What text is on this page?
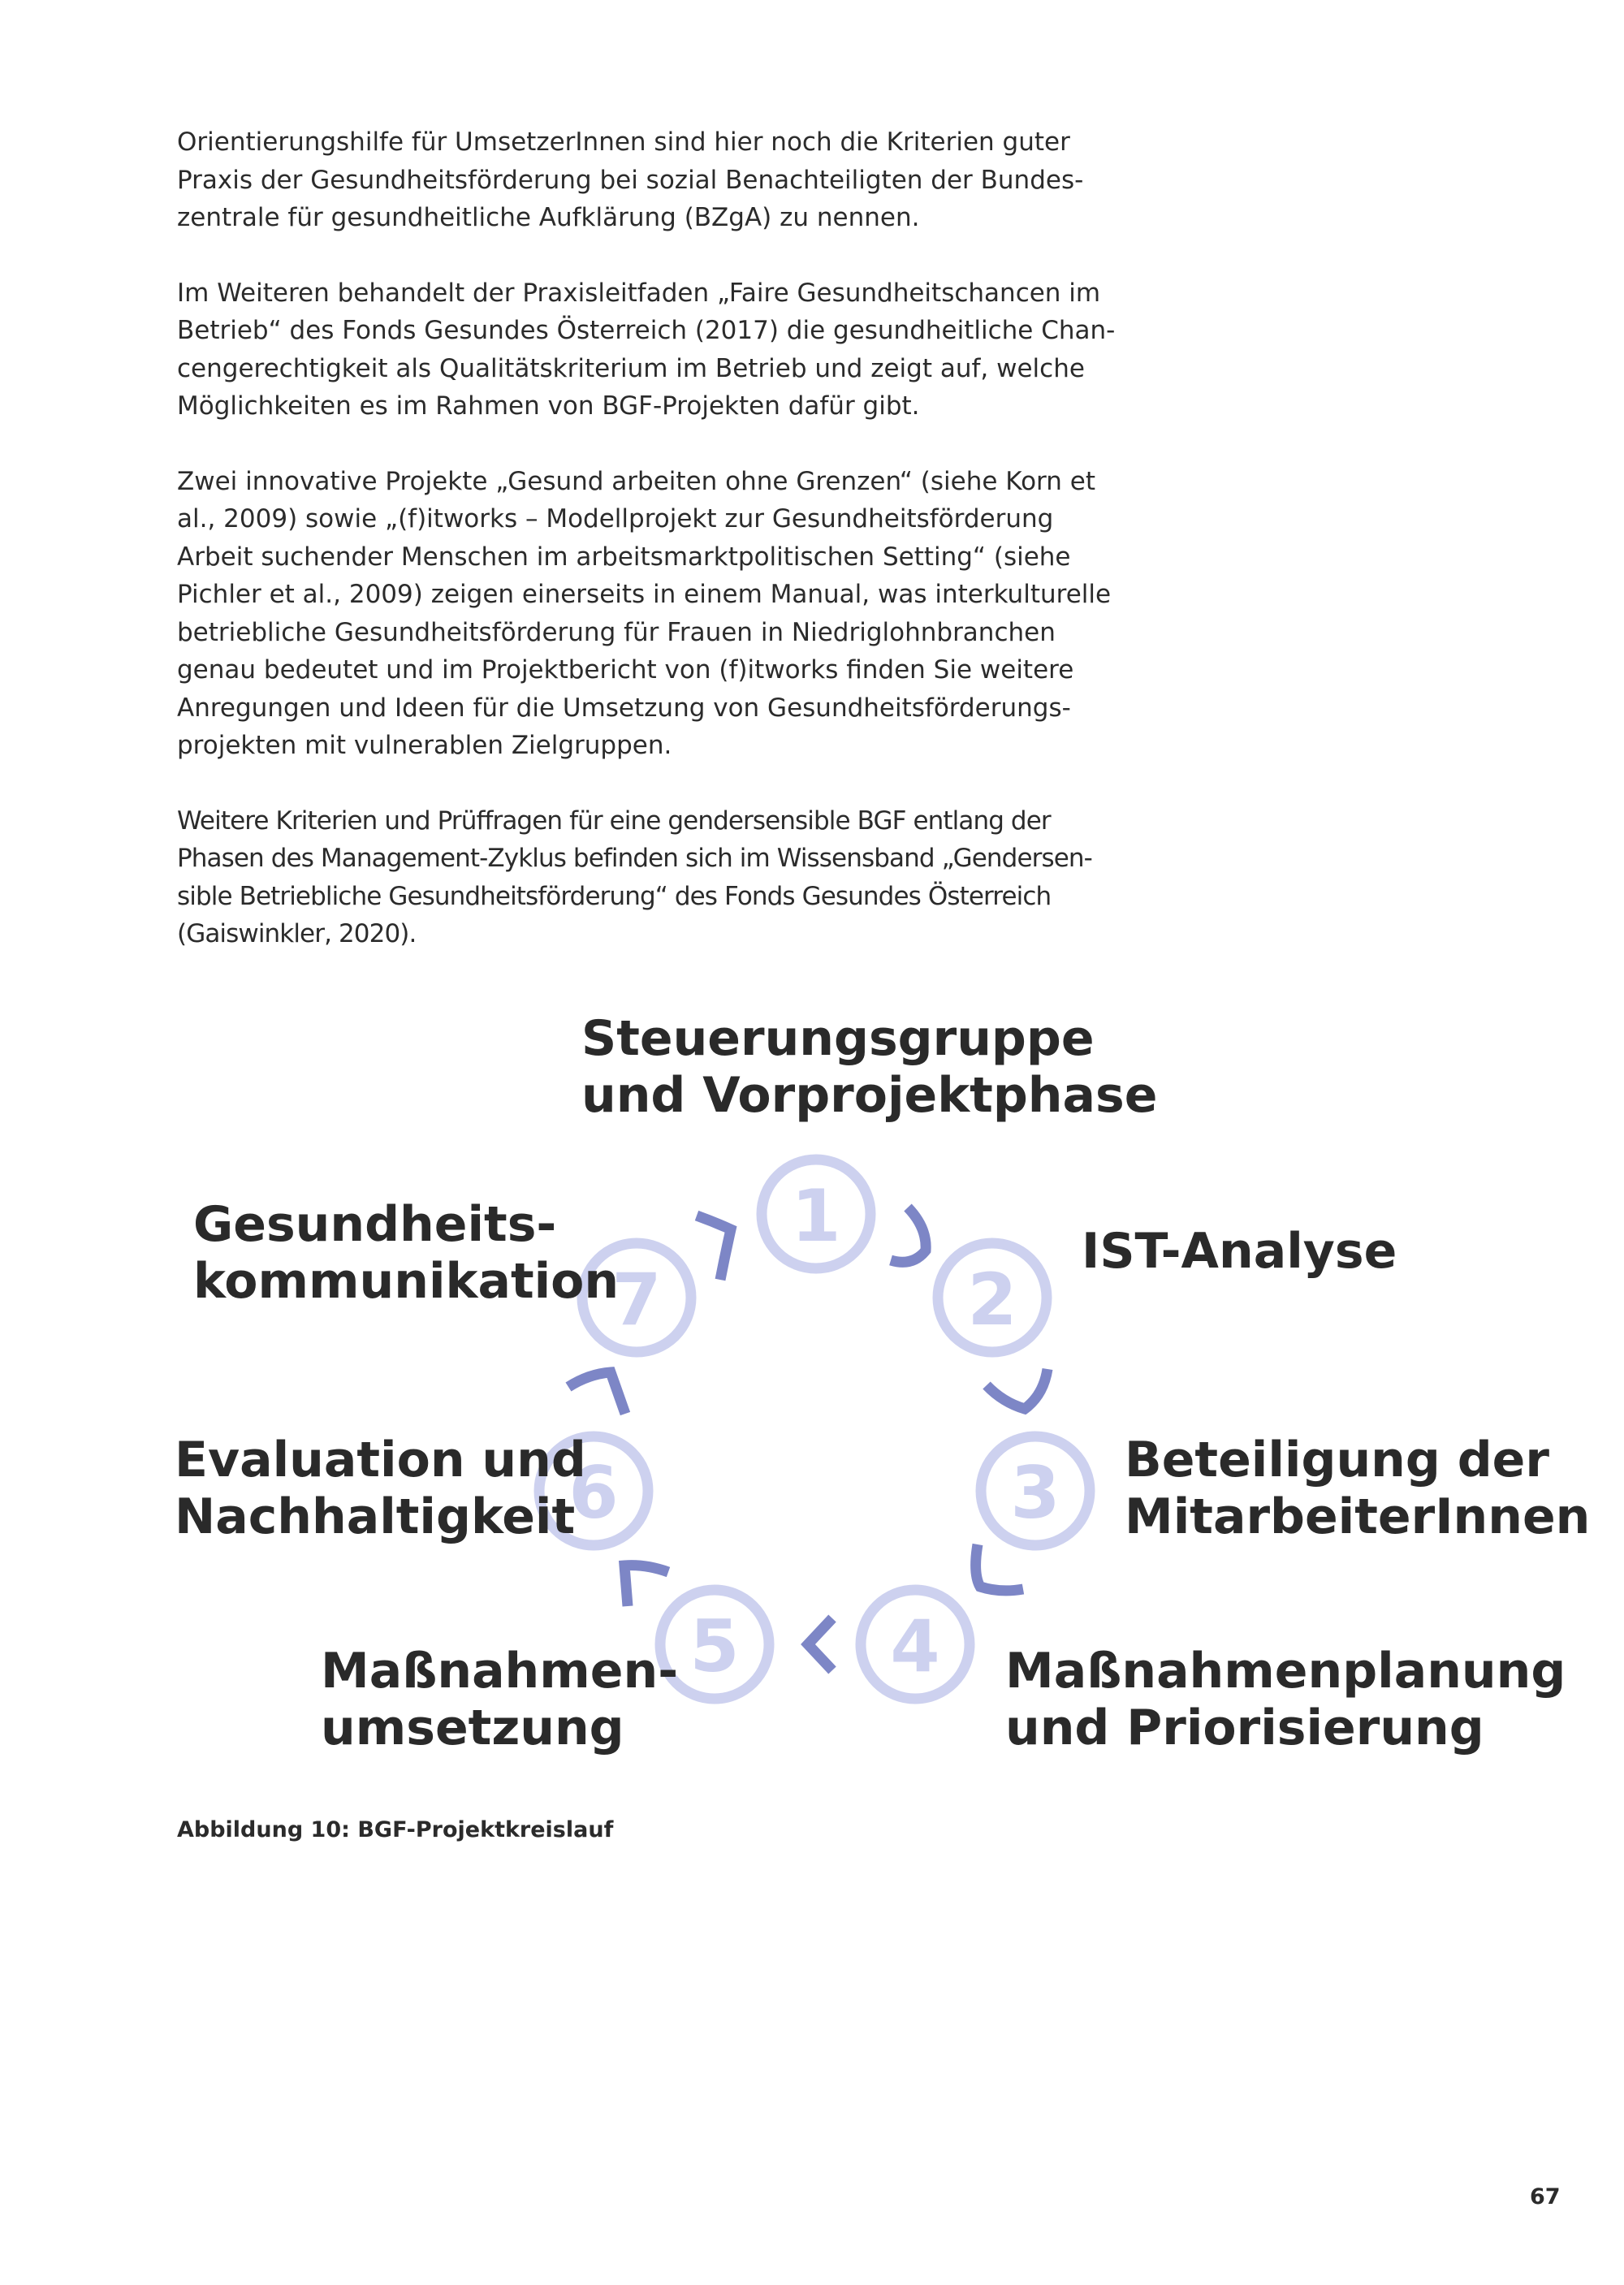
Orientierungshilfe für UmsetzerInnen sind hier noch die Kriterien guter
Praxis der Gesundheitsförderung bei sozial Benachteiligten der Bundes-
zentrale für gesundheitliche Aufklärung (BZgA) zu nennen.

Im Weiteren behandelt der Praxisleitfaden „Faire Gesundheitschancen im
Betrieb“ des Fonds Gesundes Österreich (2017) die gesundheitliche Chan-
cengerechtigkeit als Qualitätskriterium im Betrieb und zeigt auf, welche
Möglichkeiten es im Rahmen von BGF-Projekten dafür gibt.

Zwei innovative Projekte „Gesund arbeiten ohne Grenzen“ (siehe Korn et
al., 2009) sowie „(f)itworks – Modellprojekt zur Gesundheitsförderung
Arbeit suchender Menschen im arbeitsmarktpolitischen Setting“ (siehe
Pichler et al., 2009) zeigen einerseits in einem Manual, was interkulturelle
betriebliche Gesundheitsförderung für Frauen in Niedriglohnbranchen
genau bedeutet und im Projektbericht von (f)itworks finden Sie weitere
Anregungen und Ideen für die Umsetzung von Gesundheitsförderungs-
projekten mit vulnerablen Zielgruppen.

Weitere Kriterien und Prüffragen für eine gendersensible BGF entlang der
Phasen des Management-Zyklus befinden sich im Wissensband „Gendersen-
sible Betriebliche Gesundheitsförderung“ des Fonds Gesundes Österreich
(Gaiswinkler, 2020).

1
2
3
4
5
6
7
Steuerungsgruppe
und Vorprojektphase
IST-Analyse
Beteiligung der
MitarbeiterInnen
Maßnahmenplanung
und Priorisierung
Maßnahmen-
umsetzung
Evaluation und
Nachhaltigkeit
Gesundheits-
kommunikation
Abbildung 10: BGF-Projektkreislauf
67
